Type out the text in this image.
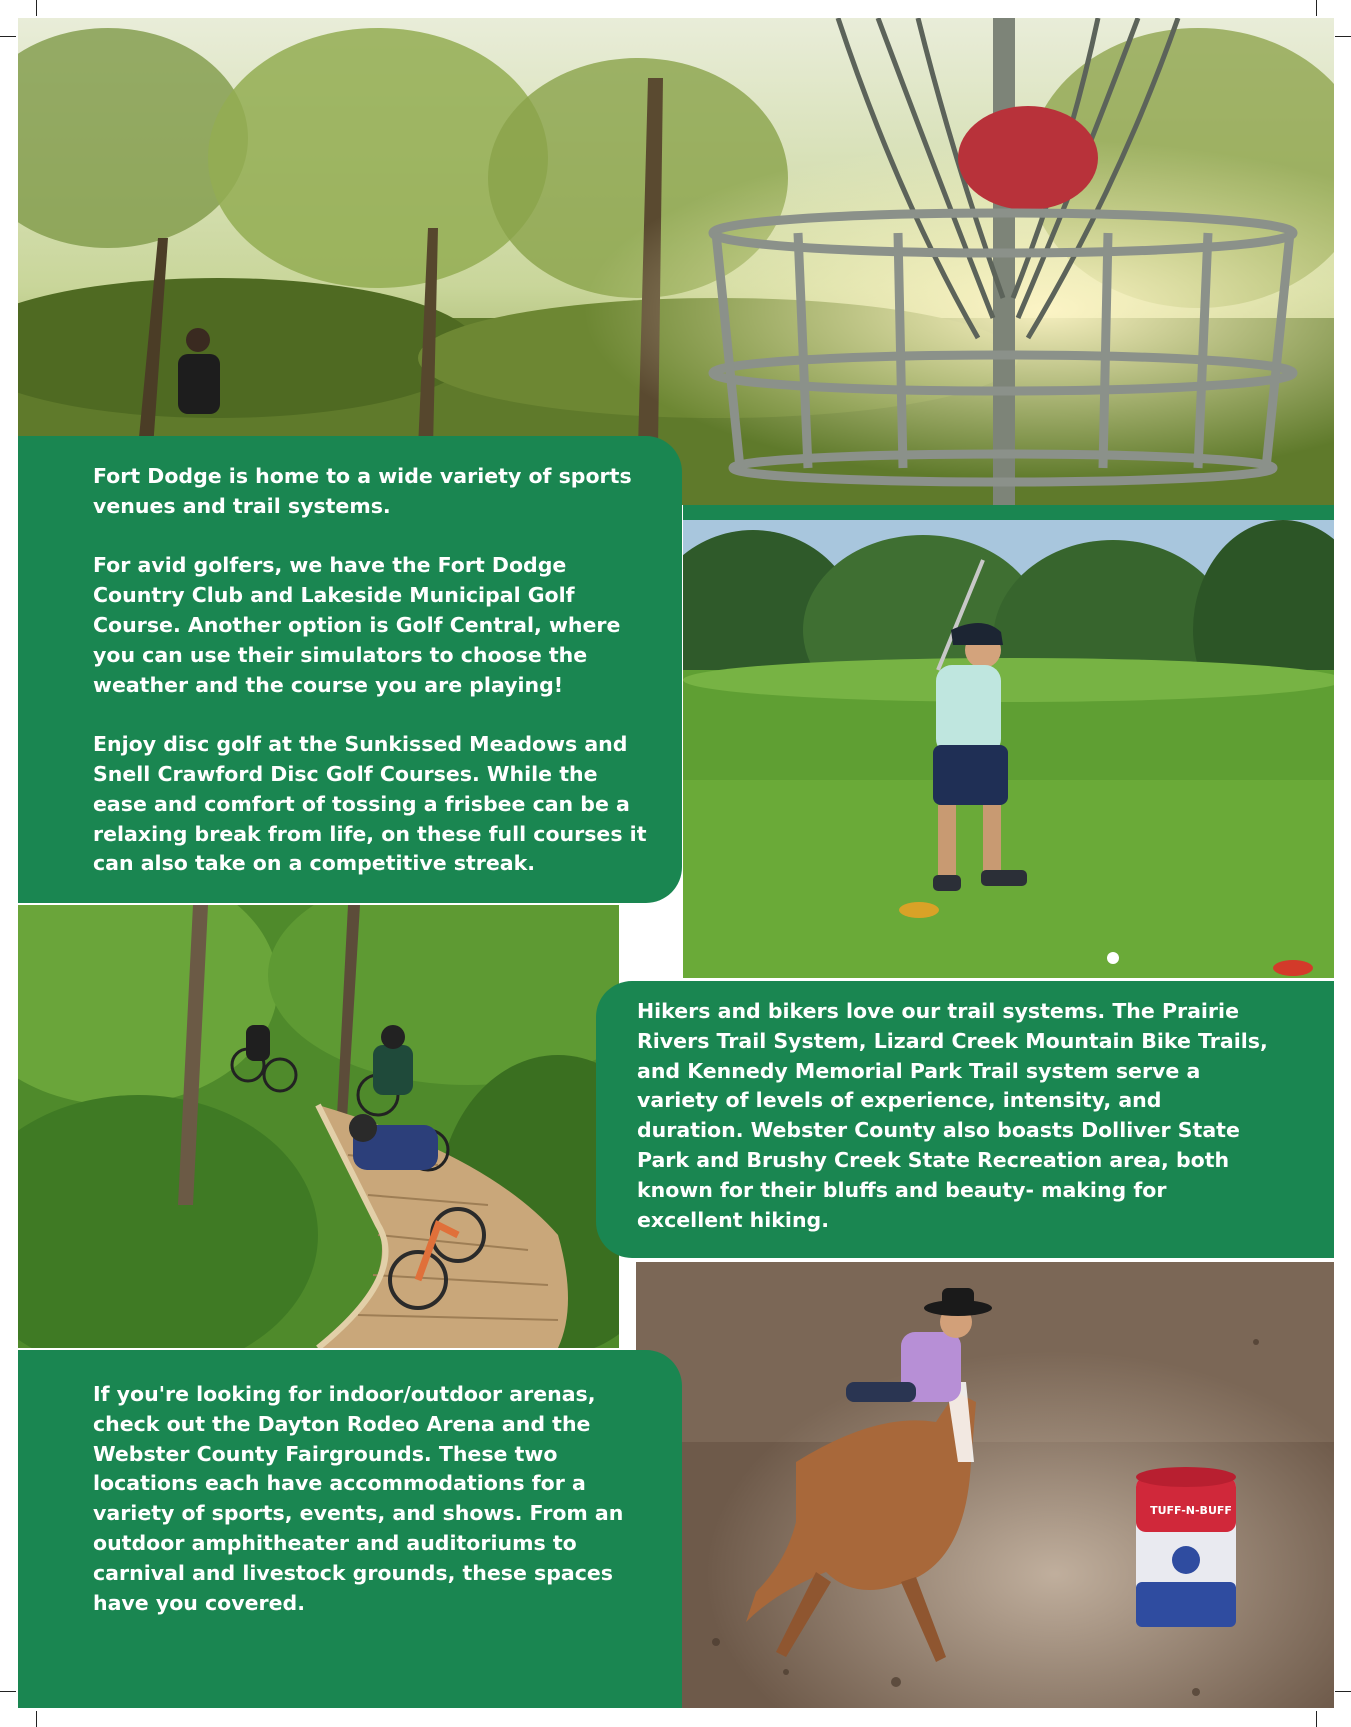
TUFF-N-BUFF

Fort Dodge is home to a wide variety of sports venues and trail systems.

For avid golfers, we have the Fort Dodge Country Club and Lakeside Municipal Golf Course. Another option is Golf Central, where you can use their simulators to choose the weather and the course you are playing!

Enjoy disc golf at the Sunkissed Meadows and Snell Crawford Disc Golf Courses. While the ease and comfort of tossing a frisbee can be a relaxing break from life, on these full courses it can also take on a competitive streak.

Hikers and bikers love our trail systems. The Prairie Rivers Trail System, Lizard Creek Mountain Bike Trails, and Kennedy Memorial Park Trail system serve a variety of levels of experience, intensity, and duration. Webster County also boasts Dolliver State Park and Brushy Creek State Recreation area, both known for their bluffs and beauty- making for excellent hiking.

If you're looking for indoor/outdoor arenas, check out the Dayton Rodeo Arena and the Webster County Fairgrounds. These two locations each have accommodations for a variety of sports, events, and shows. From an outdoor amphitheater and auditoriums to carnival and livestock grounds, these spaces have you covered.
